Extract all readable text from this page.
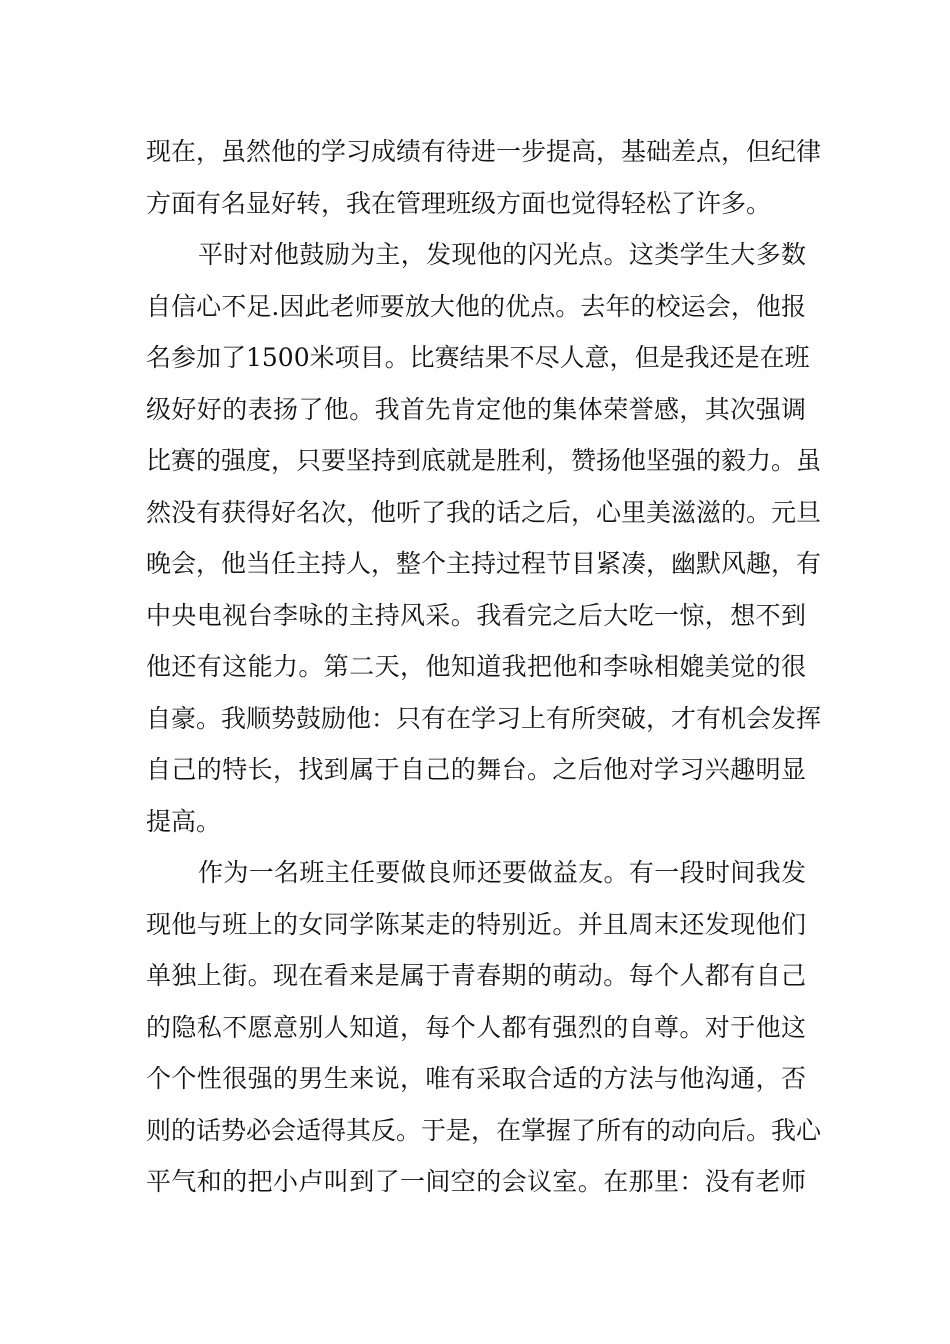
现在，虽然他的学习成绩有待进一步提高，基础差点，但纪律
方面有名显好转，我在管理班级方面也觉得轻松了许多。
平时对他鼓励为主，发现他的闪光点。这类学生大多数
自信心不足.因此老师要放大他的优点。去年的校运会，他报
名参加了1500米项目。比赛结果不尽人意，但是我还是在班
级好好的表扬了他。我首先肯定他的集体荣誉感，其次强调
比赛的强度，只要坚持到底就是胜利，赞扬他坚强的毅力。虽
然没有获得好名次，他听了我的话之后，心里美滋滋的。元旦
晚会，他当任主持人，整个主持过程节目紧凑，幽默风趣，有
中央电视台李咏的主持风采。我看完之后大吃一惊，想不到
他还有这能力。第二天，他知道我把他和李咏相媲美觉的很
自豪。我顺势鼓励他：只有在学习上有所突破，才有机会发挥
自己的特长，找到属于自己的舞台。之后他对学习兴趣明显
提高。
作为一名班主任要做良师还要做益友。有一段时间我发
现他与班上的女同学陈某走的特别近。并且周末还发现他们
单独上街。现在看来是属于青春期的萌动。每个人都有自己
的隐私不愿意别人知道，每个人都有强烈的自尊。对于他这
个个性很强的男生来说，唯有采取合适的方法与他沟通，否
则的话势必会适得其反。于是，在掌握了所有的动向后。我心
平气和的把小卢叫到了一间空的会议室。在那里：没有老师
